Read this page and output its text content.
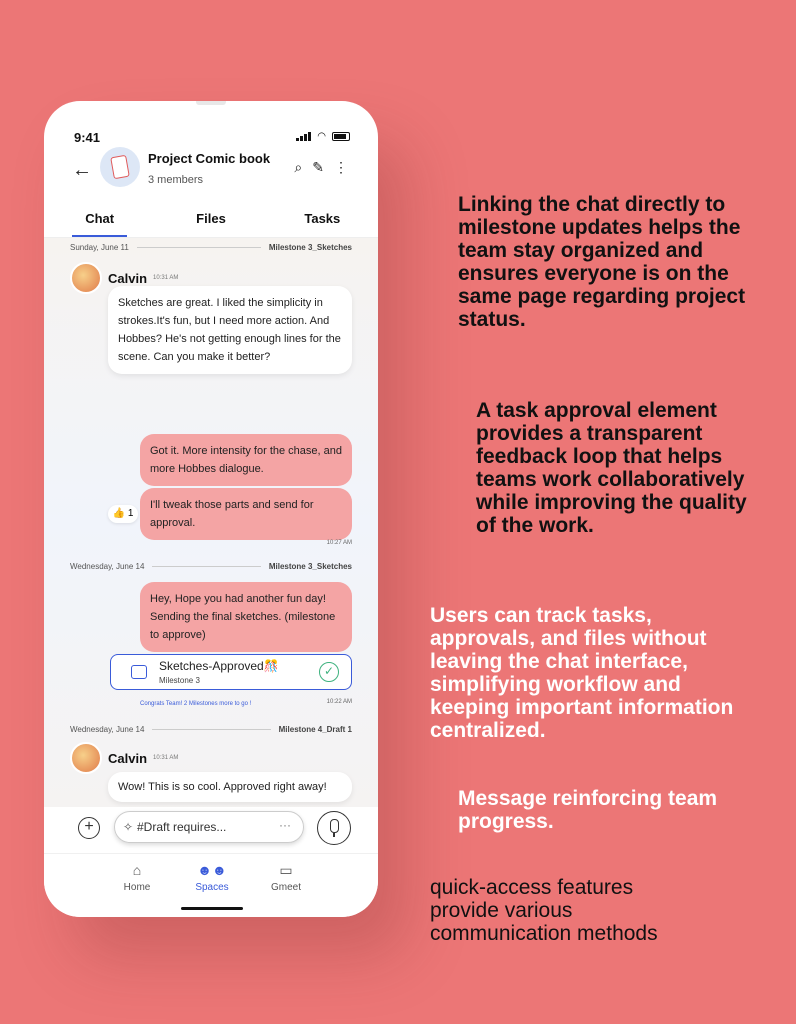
9:41	◠
←
Project Comic book
3 members
⌕ ✎ ⋮
Chat	Files	Tasks
Sunday, June 11	Milestone 3_Sketches
Calvin 10:31 AM
Sketches are great. I liked the simplicity in strokes.It's fun, but I need more action. And Hobbes? He's not getting enough lines for the scene. Can you make it better?
👍 1
Got it. More intensity for the chase, and more Hobbes dialogue.
I'll tweak those parts and send for approval.
10:27 AM
Wednesday, June 14	Milestone 3_Sketches
Hey, Hope you had another fun day! Sending the final sketches. (milestone to approve)
Sketches-Approved🎊
Milestone 3
✓
Congrats Team! 2 Milestones more to go !	10:22 AM
Wednesday, June 14	Milestone 4_Draft 1
Calvin 10:31 AM
Wow! This is so cool. Approved right away!
+	✧ #Draft requires...	···
⌂
Home
☻☻
Spaces
▭
Gmeet
Linking the chat directly to milestone updates helps the team stay organized and ensures everyone is on the same page regarding project status.
A task approval element provides a transparent feedback loop that helps teams work collaboratively while improving the quality of the work.
Users can track tasks, approvals, and files without leaving the chat interface, simplifying workflow and keeping important information centralized.
Message reinforcing team progress.
quick-access features provide various communication methods
